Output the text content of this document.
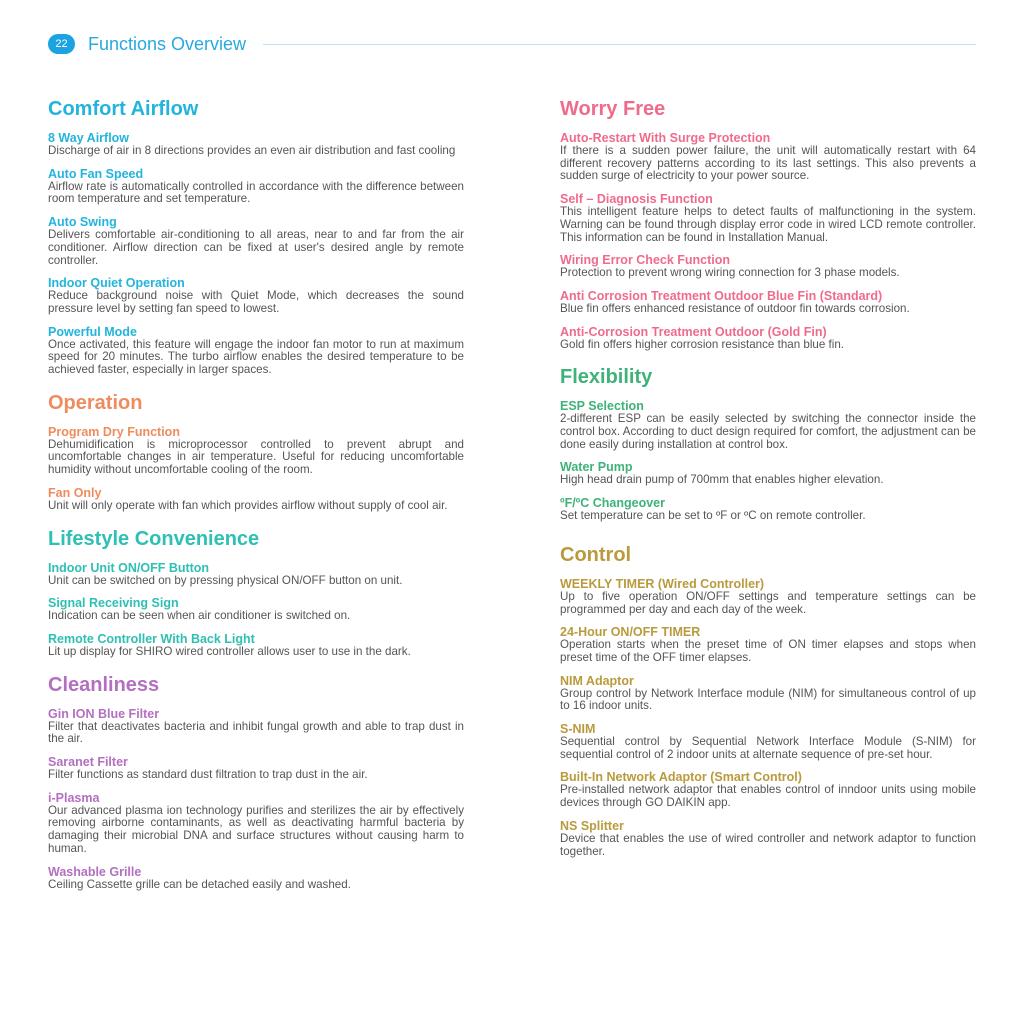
22	Functions Overview
Comfort Airflow
8 Way Airflow
Discharge of air in 8 directions provides an even air distribution and fast cooling
Auto Fan Speed
Airflow rate is automatically controlled in accordance with the difference between room temperature and set temperature.
Auto Swing
Delivers comfortable air-conditioning to all areas, near to and far from the air conditioner. Airflow direction can be fixed at user's desired angle by remote controller.
Indoor Quiet Operation
Reduce background noise with Quiet Mode, which decreases the sound pressure level by setting fan speed to lowest.
Powerful Mode
Once activated, this feature will engage the indoor fan motor to run at maximum speed for 20 minutes. The turbo airflow enables the desired temperature to be achieved faster, especially in larger spaces.
Operation
Program Dry Function
Dehumidification is microprocessor controlled to prevent abrupt and uncomfortable changes in air temperature. Useful for reducing uncomfortable humidity without uncomfortable cooling of the room.
Fan Only
Unit will only operate with fan which provides airflow without supply of cool air.
Lifestyle Convenience
Indoor Unit ON/OFF Button
Unit can be switched on by pressing physical ON/OFF button on unit.
Signal Receiving Sign
Indication can be seen when air conditioner is switched on.
Remote Controller With Back Light
Lit up display for SHIRO wired controller allows user to use in the dark.
Cleanliness
Gin ION Blue Filter
Filter that deactivates bacteria and inhibit fungal growth and able to trap dust in the air.
Saranet Filter
Filter functions as standard dust filtration to trap dust in the air.
i-Plasma
Our advanced plasma ion technology purifies and sterilizes the air by effectively removing airborne contaminants, as well as deactivating harmful bacteria by damaging their microbial DNA and surface structures without causing harm to human.
Washable Grille
Ceiling Cassette grille can be detached easily and washed.
Worry Free
Auto-Restart With Surge Protection
If there is a sudden power failure, the unit will automatically restart with 64 different recovery patterns according to its last settings. This also prevents a sudden surge of electricity to your power source.
Self – Diagnosis Function
This intelligent feature helps to detect faults of malfunctioning in the system. Warning can be found through display error code in wired LCD remote controller. This information can be found in Installation Manual.
Wiring Error Check Function
Protection to prevent wrong wiring connection for 3 phase models.
Anti Corrosion Treatment Outdoor Blue Fin (Standard)
Blue fin offers enhanced resistance of outdoor fin towards corrosion.
Anti-Corrosion Treatment Outdoor (Gold Fin)
Gold fin offers higher corrosion resistance than blue fin.
Flexibility
ESP Selection
2-different ESP can be easily selected by switching the connector inside the control box. According to duct design required for comfort, the adjustment can be done easily during installation at control box.
Water Pump
High head drain pump of 700mm that enables higher elevation.
ºF/ºC Changeover
Set temperature can be set to ºF or ºC on remote controller.
Control
WEEKLY TIMER (Wired Controller)
Up to five operation ON/OFF settings and temperature settings can be programmed per day and each day of the week.
24-Hour ON/OFF TIMER
Operation starts when the preset time of ON timer elapses and stops when preset time of the OFF timer elapses.
NIM Adaptor
Group control by Network Interface module (NIM) for simultaneous control of up to 16 indoor units.
S-NIM
Sequential control by Sequential Network Interface Module (S-NIM) for sequential control of 2 indoor units at alternate sequence of pre-set hour.
Built-In Network Adaptor (Smart Control)
Pre-installed network adaptor that enables control of inndoor units using mobile devices through GO DAIKIN app.
NS Splitter
Device that enables the use of wired controller and network adaptor to function together.
